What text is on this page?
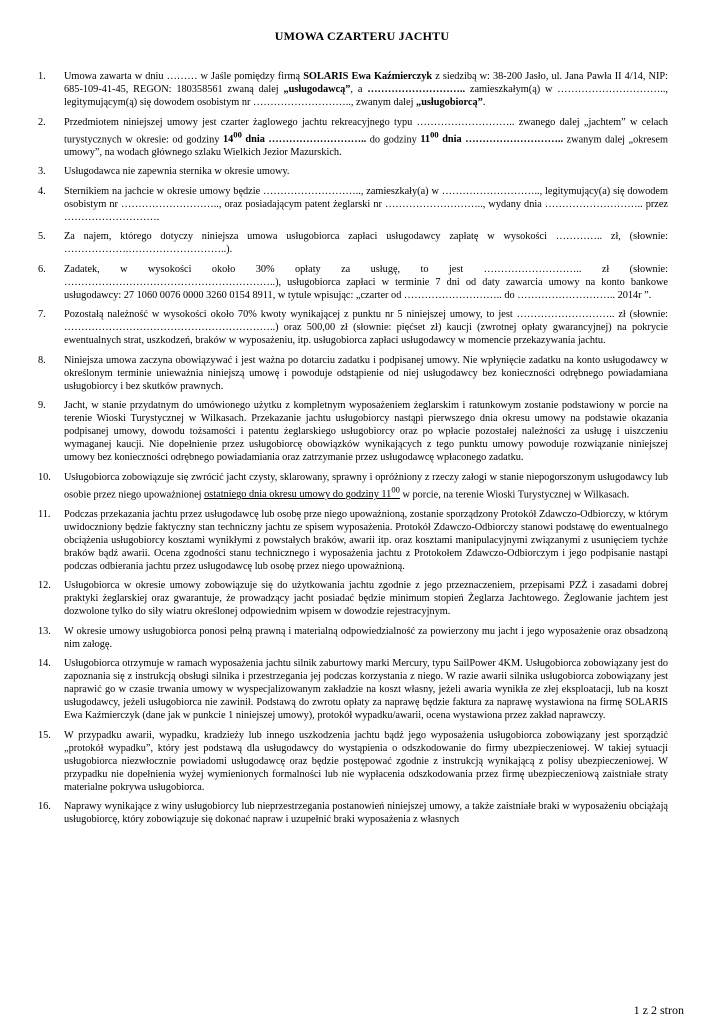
UMOWA CZARTERU JACHTU
1.	Umowa zawarta w dniu ……… w Jaśle pomiędzy firmą SOLARIS Ewa Kaźmierczyk z siedzibą w: 38-200 Jasło, ul. Jana Pawła II 4/14, NIP: 685-109-41-45, REGON: 180358561 zwaną dalej „usługodawcą”, a ……………………….. zamieszkałym(ą) w ………………………….., legitymującym(ą) się dowodem osobistym nr ……………………….., zwanym dalej „usługobiorcą”.
2.	Przedmiotem niniejszej umowy jest czarter żaglowego jachtu rekreacyjnego typu ……………………….. zwanego dalej „jachtem” w celach turystycznych w okresie: od godziny $14^{00}$ dnia ……………………….. do godziny $11^{00}$ dnia ……………………….. zwanym dalej „okresem umowy”, na wodach głównego szlaku Wielkich Jezior Mazurskich.
3.	Usługodawca nie zapewnia sternika w okresie umowy.
4.	Sternikiem na jachcie w okresie umowy będzie ……………………….., zamieszkały(a) w ……………………….., legitymujący(a) się dowodem osobistym nr ……………………….., oraz posiadającym patent żeglarski nr ……………………….., wydany dnia ……………………….. przez ……………………….
5.	Za najem, którego dotyczy niniejsza umowa usługobiorca zapłaci usługodawcy zapłatę w wysokości ………….. zł, (słownie: ……………….………………………..).
6.	Zadatek, w wysokości około 30% opłaty za usługę, to jest ……………………….. zł (słownie: ……………………………………………………..), usługobiorca zapłaci w terminie 7 dni od daty zawarcia umowy na konto bankowe usługodawcy: 27 1060 0076 0000 3260 0154 8911, w tytule wpisując: „czarter od ……………………….. do ……………………….. 2014r ”.
7.	Pozostałą należność w wysokości około 70% kwoty wynikającej z punktu nr 5 niniejszej umowy, to jest ……………………….. zł (słownie: ……………………………………………………..) oraz 500,00 zł (słownie: pięćset zł) kaucji (zwrotnej opłaty gwarancyjnej) na pokrycie ewentualnych strat, uszkodzeń, braków w wyposażeniu, itp. usługobiorca zapłaci usługodawcy w momencie przekazywania jachtu.
8.	Niniejsza umowa zaczyna obowiązywać i jest ważna po dotarciu zadatku i podpisanej umowy. Nie wpłynięcie zadatku na konto usługodawcy w określonym terminie unieważnia niniejszą umowę i powoduje odstąpienie od niej usługodawcy bez konieczności odrębnego powiadamiana usługobiorcy i bez skutków prawnych.
9.	Jacht, w stanie przydatnym do umówionego użytku z kompletnym wyposażeniem żeglarskim i ratunkowym zostanie podstawiony w porcie na terenie Wioski Turystycznej w Wilkasach. Przekazanie jachtu usługobiorcy nastąpi pierwszego dnia okresu umowy na podstawie okazania podpisanej umowy, dowodu tożsamości i patentu żeglarskiego usługobiorcy oraz po wpłacie pozostałej należności za usługę i uiszczeniu wymaganej kaucji. Nie dopełnienie przez usługobiorcę obowiązków wynikających z tego punktu umowy powoduje rozwiązanie niniejszej umowy bez konieczności odrębnego powiadamiania oraz zatrzymanie przez usługodawcę wpłaconego zadatku.
10.	Usługobiorca zobowiązuje się zwrócić jacht czysty, sklarowany, sprawny i opróżniony z rzeczy załogi w stanie niepogorszonym usługodawcy lub osobie przez niego upoważnionej ostatniego dnia okresu umowy do godziny $11^{00}$ w porcie, na terenie Wioski Turystycznej w Wilkasach.
11.	Podczas przekazania jachtu przez usługodawcę lub osobę prze niego upoważnioną, zostanie sporządzony Protokół Zdawczo-Odbiorczy, w którym uwidoczniony będzie faktyczny stan techniczny jachtu ze spisem wyposażenia. Protokół Zdawczo-Odbiorczy stanowi podstawę do ewentualnego obciążenia usługobiorcy kosztami wynikłymi z powstałych braków, awarii itp. oraz kosztami manipulacyjnymi związanymi z usunięciem tychże braków bądź awarii. Ocena zgodności stanu technicznego i wyposażenia jachtu z Protokołem Zdawczo-Odbiorczym i jego podpisanie nastąpi podczas odbierania jachtu przez usługodawcę lub osobę przez niego upoważnioną.
12.	Usługobiorca w okresie umowy zobowiązuje się do użytkowania jachtu zgodnie z jego przeznaczeniem, przepisami PZŻ i zasadami dobrej praktyki żeglarskiej oraz gwarantuje, że prowadzący jacht posiadać będzie minimum stopień Żeglarza Jachtowego. Żeglowanie jachtem jest dozwolone tylko do siły wiatru określonej odpowiednim wpisem w dowodzie rejestracyjnym.
13.	W okresie umowy usługobiorca ponosi pełną prawną i materialną odpowiedzialność za powierzony mu jacht i jego wyposażenie oraz obsadzoną nim załogę.
14.	Usługobiorca otrzymuje w ramach wyposażenia jachtu silnik zaburtowy marki Mercury, typu SailPower 4KM. Usługobiorca zobowiązany jest do zapoznania się z instrukcją obsługi silnika i przestrzegania jej podczas korzystania z niego. W razie awarii silnika usługobiorca zobowiązany jest naprawić go w czasie trwania umowy w wyspecjalizowanym zakładzie na koszt własny, jeżeli awaria wynikła ze złej eksploatacji, lub na koszt usługodawcy, jeżeli usługobiorca nie zawinił. Podstawą do zwrotu opłaty za naprawę będzie faktura za naprawę wystawiona na firmę SOLARIS Ewa Kaźmierczyk (dane jak w punkcie 1 niniejszej umowy), protokół wypadku/awarii, ocena wystawiona przez zakład naprawczy.
15.	W przypadku awarii, wypadku, kradzieży lub innego uszkodzenia jachtu bądź jego wyposażenia usługobiorca zobowiązany jest sporządzić „protokół wypadku”, który jest podstawą dla usługodawcy do wystąpienia o odszkodowanie do firmy ubezpieczeniowej. W takiej sytuacji usługobiorca niezwłocznie powiadomi usługodawcę oraz będzie postępować zgodnie z instrukcją wynikającą z polisy ubezpieczeniowej. W przypadku nie dopełnienia wyżej wymienionych formalności lub nie wypłacenia odszkodowania przez firmę ubezpieczeniową zaistniałe straty materialne pokrywa usługobiorca.
16.	Naprawy wynikające z winy usługobiorcy lub nieprzestrzegania postanowień niniejszej umowy, a także zaistniałe braki w wyposażeniu obciążają usługobiorcę, który zobowiązuje się dokonać napraw i uzupełnić braki wyposażenia z własnych
1 z 2 stron
